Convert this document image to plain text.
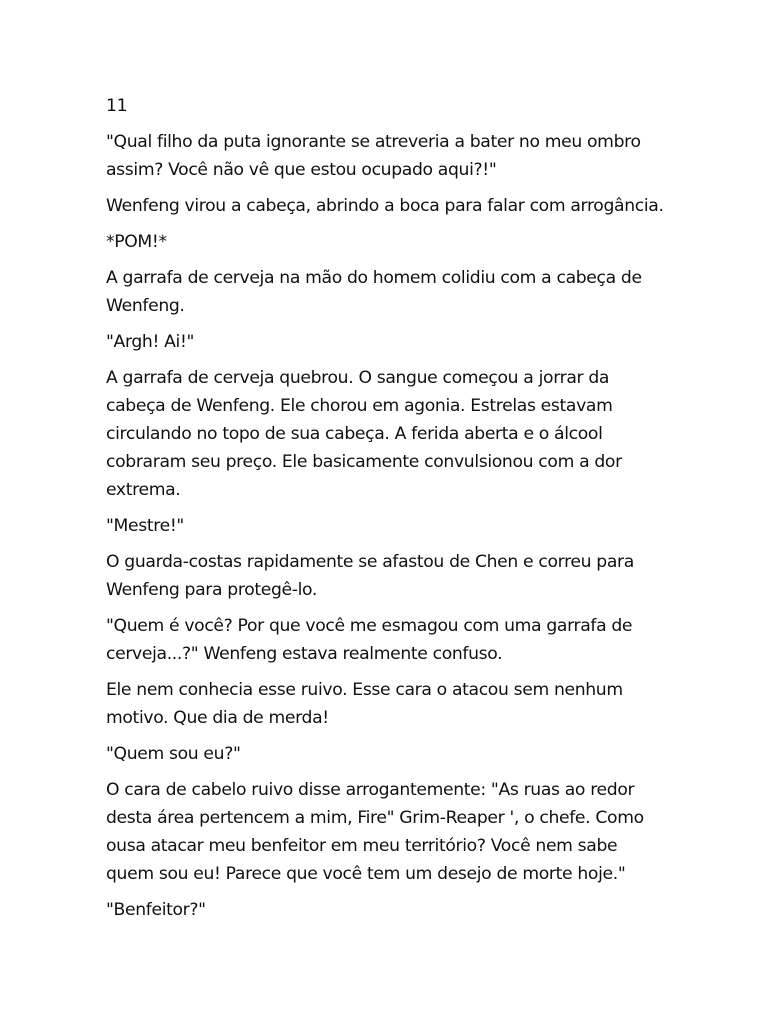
11

"Qual filho da puta ignorante se atreveria a bater no meu ombro assim? Você não vê que estou ocupado aqui?!"

Wenfeng virou a cabeça, abrindo a boca para falar com arrogância.

*POM!*

A garrafa de cerveja na mão do homem colidiu com a cabeça de Wenfeng.

"Argh! Ai!"

A garrafa de cerveja quebrou. O sangue começou a jorrar da cabeça de Wenfeng. Ele chorou em agonia. Estrelas estavam circulando no topo de sua cabeça. A ferida aberta e o álcool cobraram seu preço. Ele basicamente convulsionou com a dor extrema.

"Mestre!"

O guarda-costas rapidamente se afastou de Chen e correu para Wenfeng para protegê-lo.

"Quem é você? Por que você me esmagou com uma garrafa de cerveja...?" Wenfeng estava realmente confuso.

Ele nem conhecia esse ruivo. Esse cara o atacou sem nenhum motivo. Que dia de merda!

"Quem sou eu?"

O cara de cabelo ruivo disse arrogantemente: "As ruas ao redor desta área pertencem a mim, Fire" Grim-Reaper ', o chefe. Como ousa atacar meu benfeitor em meu território? Você nem sabe quem sou eu! Parece que você tem um desejo de morte hoje."

"Benfeitor?"
